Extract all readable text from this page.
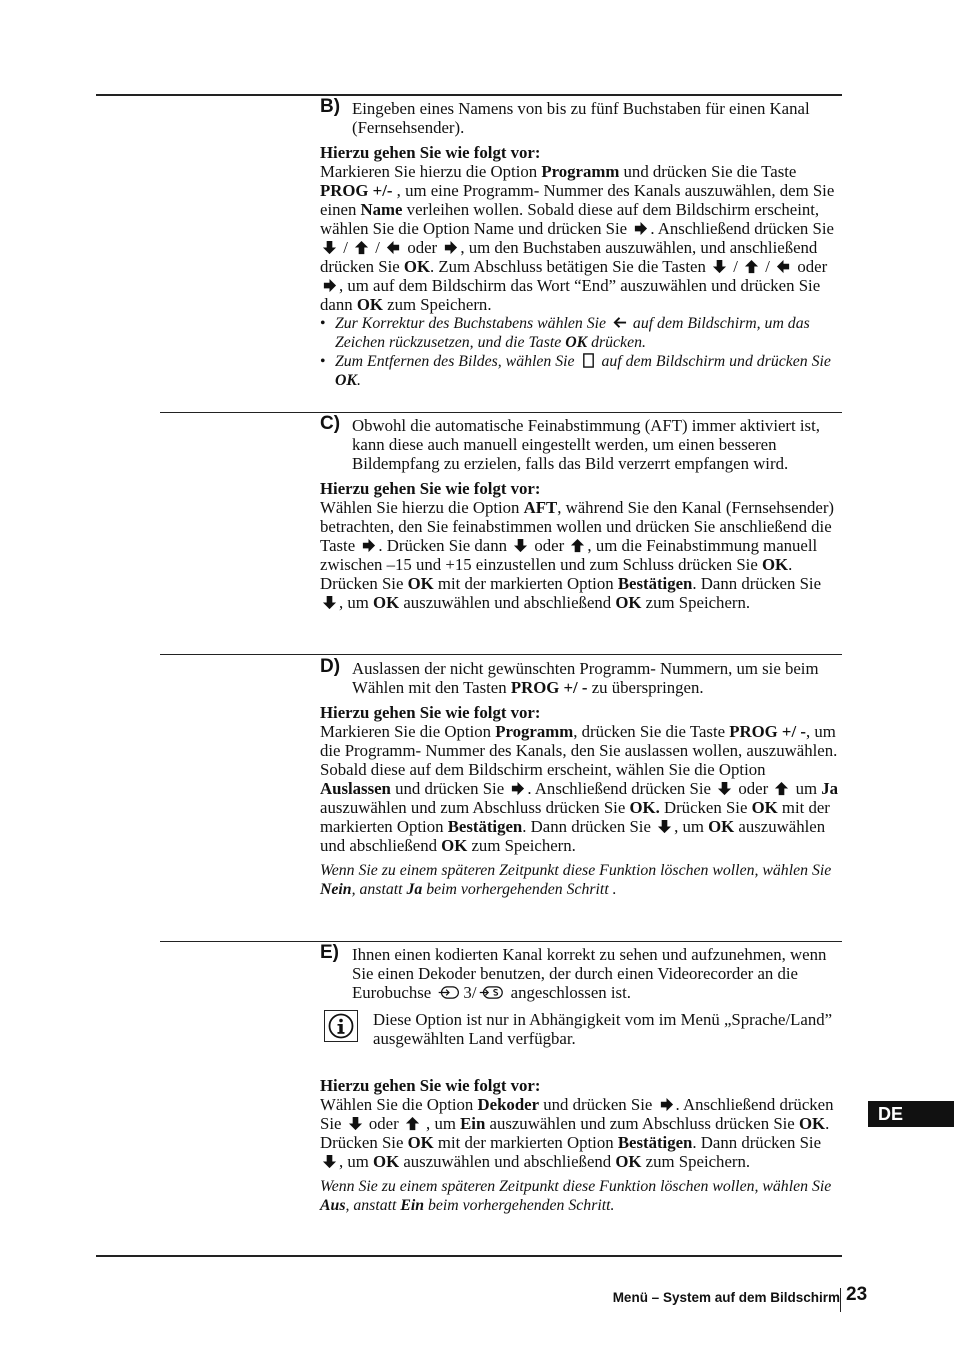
B) Eingeben eines Namens von bis zu fünf Buchstaben für einen Kanal (Fernsehsender).

Hierzu gehen Sie wie folgt vor:

Markieren Sie hierzu die Option Programm und drücken Sie die Taste PROG +/- , um eine Programm- Nummer des Kanals auszuwählen, dem Sie einen Name verleihen wollen. Sobald diese auf dem Bildschirm erscheint, wählen Sie die Option Name und drücken Sie
. Anschließend drücken Sie
/
/
oder
, um den Buchstaben auszuwählen, und anschließend drücken Sie OK. Zum Abschluss betätigen Sie die Tasten
/
/
oder
, um auf dem Bildschirm das Wort “End” auszuwählen und drücken Sie dann OK zum Speichern.

• Zur Korrektur des Buchstabens wählen Sie
auf dem Bildschirm, um das Zeichen rückzusetzen, und die Taste OK drücken.

• Zum Entfernen des Bildes, wählen Sie
auf dem Bildschirm und drücken Sie OK.

C) Obwohl die automatische Feinabstimmung (AFT) immer aktiviert ist, kann diese auch manuell eingestellt werden, um einen besseren Bildempfang zu erzielen, falls das Bild verzerrt empfangen wird.

Hierzu gehen Sie wie folgt vor:

Wählen Sie hierzu die Option AFT, während Sie den Kanal (Fernsehsender) betrachten, den Sie feinabstimmen wollen und drücken Sie anschließend die Taste
. Drücken Sie dann
oder
, um die Feinabstimmung manuell zwischen –15 und +15 einzustellen und zum Schluss drücken Sie OK. Drücken Sie OK mit der markierten Option Bestätigen. Dann drücken Sie
, um OK auszuwählen und abschließend OK zum Speichern.

D) Auslassen der nicht gewünschten Programm- Nummern, um sie beim Wählen mit den Tasten PROG +/ - zu überspringen.

Hierzu gehen Sie wie folgt vor:

Markieren Sie die Option Programm, drücken Sie die Taste PROG +/ -, um die Programm- Nummer des Kanals, den Sie auslassen wollen, auszuwählen. Sobald diese auf dem Bildschirm erscheint, wählen Sie die Option Auslassen und drücken Sie
. Anschließend drücken Sie
oder
um Ja auszuwählen und zum Abschluss drücken Sie OK. Drücken Sie OK mit der markierten Option Bestätigen. Dann drücken Sie
, um OK auszuwählen und abschließend OK zum Speichern.

Wenn Sie zu einem späteren Zeitpunkt diese Funktion löschen wollen, wählen Sie Nein, anstatt Ja beim vorhergehenden Schritt .

E) Ihnen einen kodierten Kanal korrekt zu sehen und aufzunehmen, wenn Sie einen Dekoder benutzen, der durch einen Videorecorder an die Eurobuchse
3/
angeschlossen ist.

Diese Option ist nur in Abhängigkeit vom im Menü „Sprache/Land” ausgewählten Land verfügbar.

Hierzu gehen Sie wie folgt vor:

Wählen Sie die Option Dekoder und drücken Sie
. Anschließend drücken Sie
oder
, um Ein auszuwählen und zum Abschluss drücken Sie OK. Drücken Sie OK mit der markierten Option Bestätigen. Dann drücken Sie
, um OK auszuwählen und abschließend OK zum Speichern.

Wenn Sie zu einem späteren Zeitpunkt diese Funktion löschen wollen, wählen Sie Aus, anstatt Ein beim vorhergehenden Schritt.

DE
Menü – System auf dem Bildschirm 23
